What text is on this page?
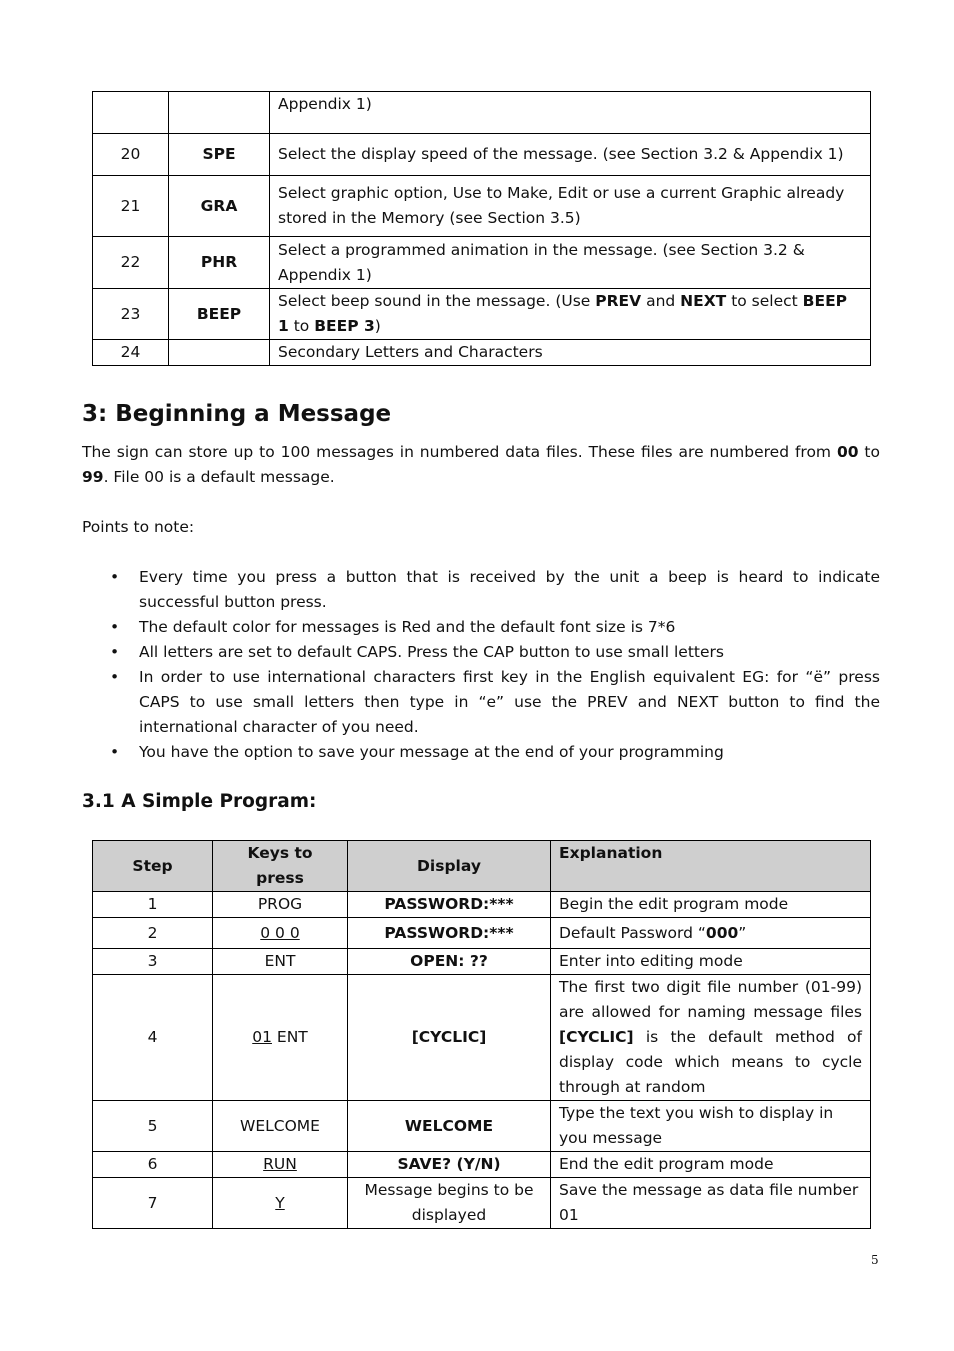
		Appendix 1)
20	SPE	Select the display speed of the message. (see Section 3.2 & Appendix 1)
21	GRA	Select graphic option, Use to Make, Edit or use a current Graphic already stored in the Memory (see Section 3.5)
22	PHR	Select a programmed animation in the message. (see Section 3.2 & Appendix 1)
23	BEEP	Select beep sound in the message. (Use PREV and NEXT to select BEEP 1 to BEEP 3)
24		Secondary Letters and Characters
3: Beginning a Message

The sign can store up to 100 messages in numbered data files. These files are numbered from 00 to 99. File 00 is a default message.

Points to note:

• Every time you press a button that is received by the unit a beep is heard to indicate successful button press.
• The default color for messages is Red and the default font size is 7*6
• All letters are set to default CAPS. Press the CAP button to use small letters
• In order to use international characters first key in the English equivalent EG: for “ë” press CAPS to use small letters then type in “e” use the PREV and NEXT button to find the international character of you need.
• You have the option to save your message at the end of your programming
3.1 A Simple Program:
Step	Keys to press	Display	Explanation
1	PROG	PASSWORD:***	Begin the edit program mode
2	0 0 0	PASSWORD:***	Default Password “000”
3	ENT	OPEN: ??	Enter into editing mode
4	01 ENT	[CYCLIC]	The first two digit file number (01-99) are allowed for naming message files [CYCLIC] is the default method of display code which means to cycle through at random
5	WELCOME	WELCOME	Type the text you wish to display in you message
6	RUN	SAVE? (Y/N)	End the edit program mode
7	Y	Message begins to be displayed	Save the message as data file number 01
5
